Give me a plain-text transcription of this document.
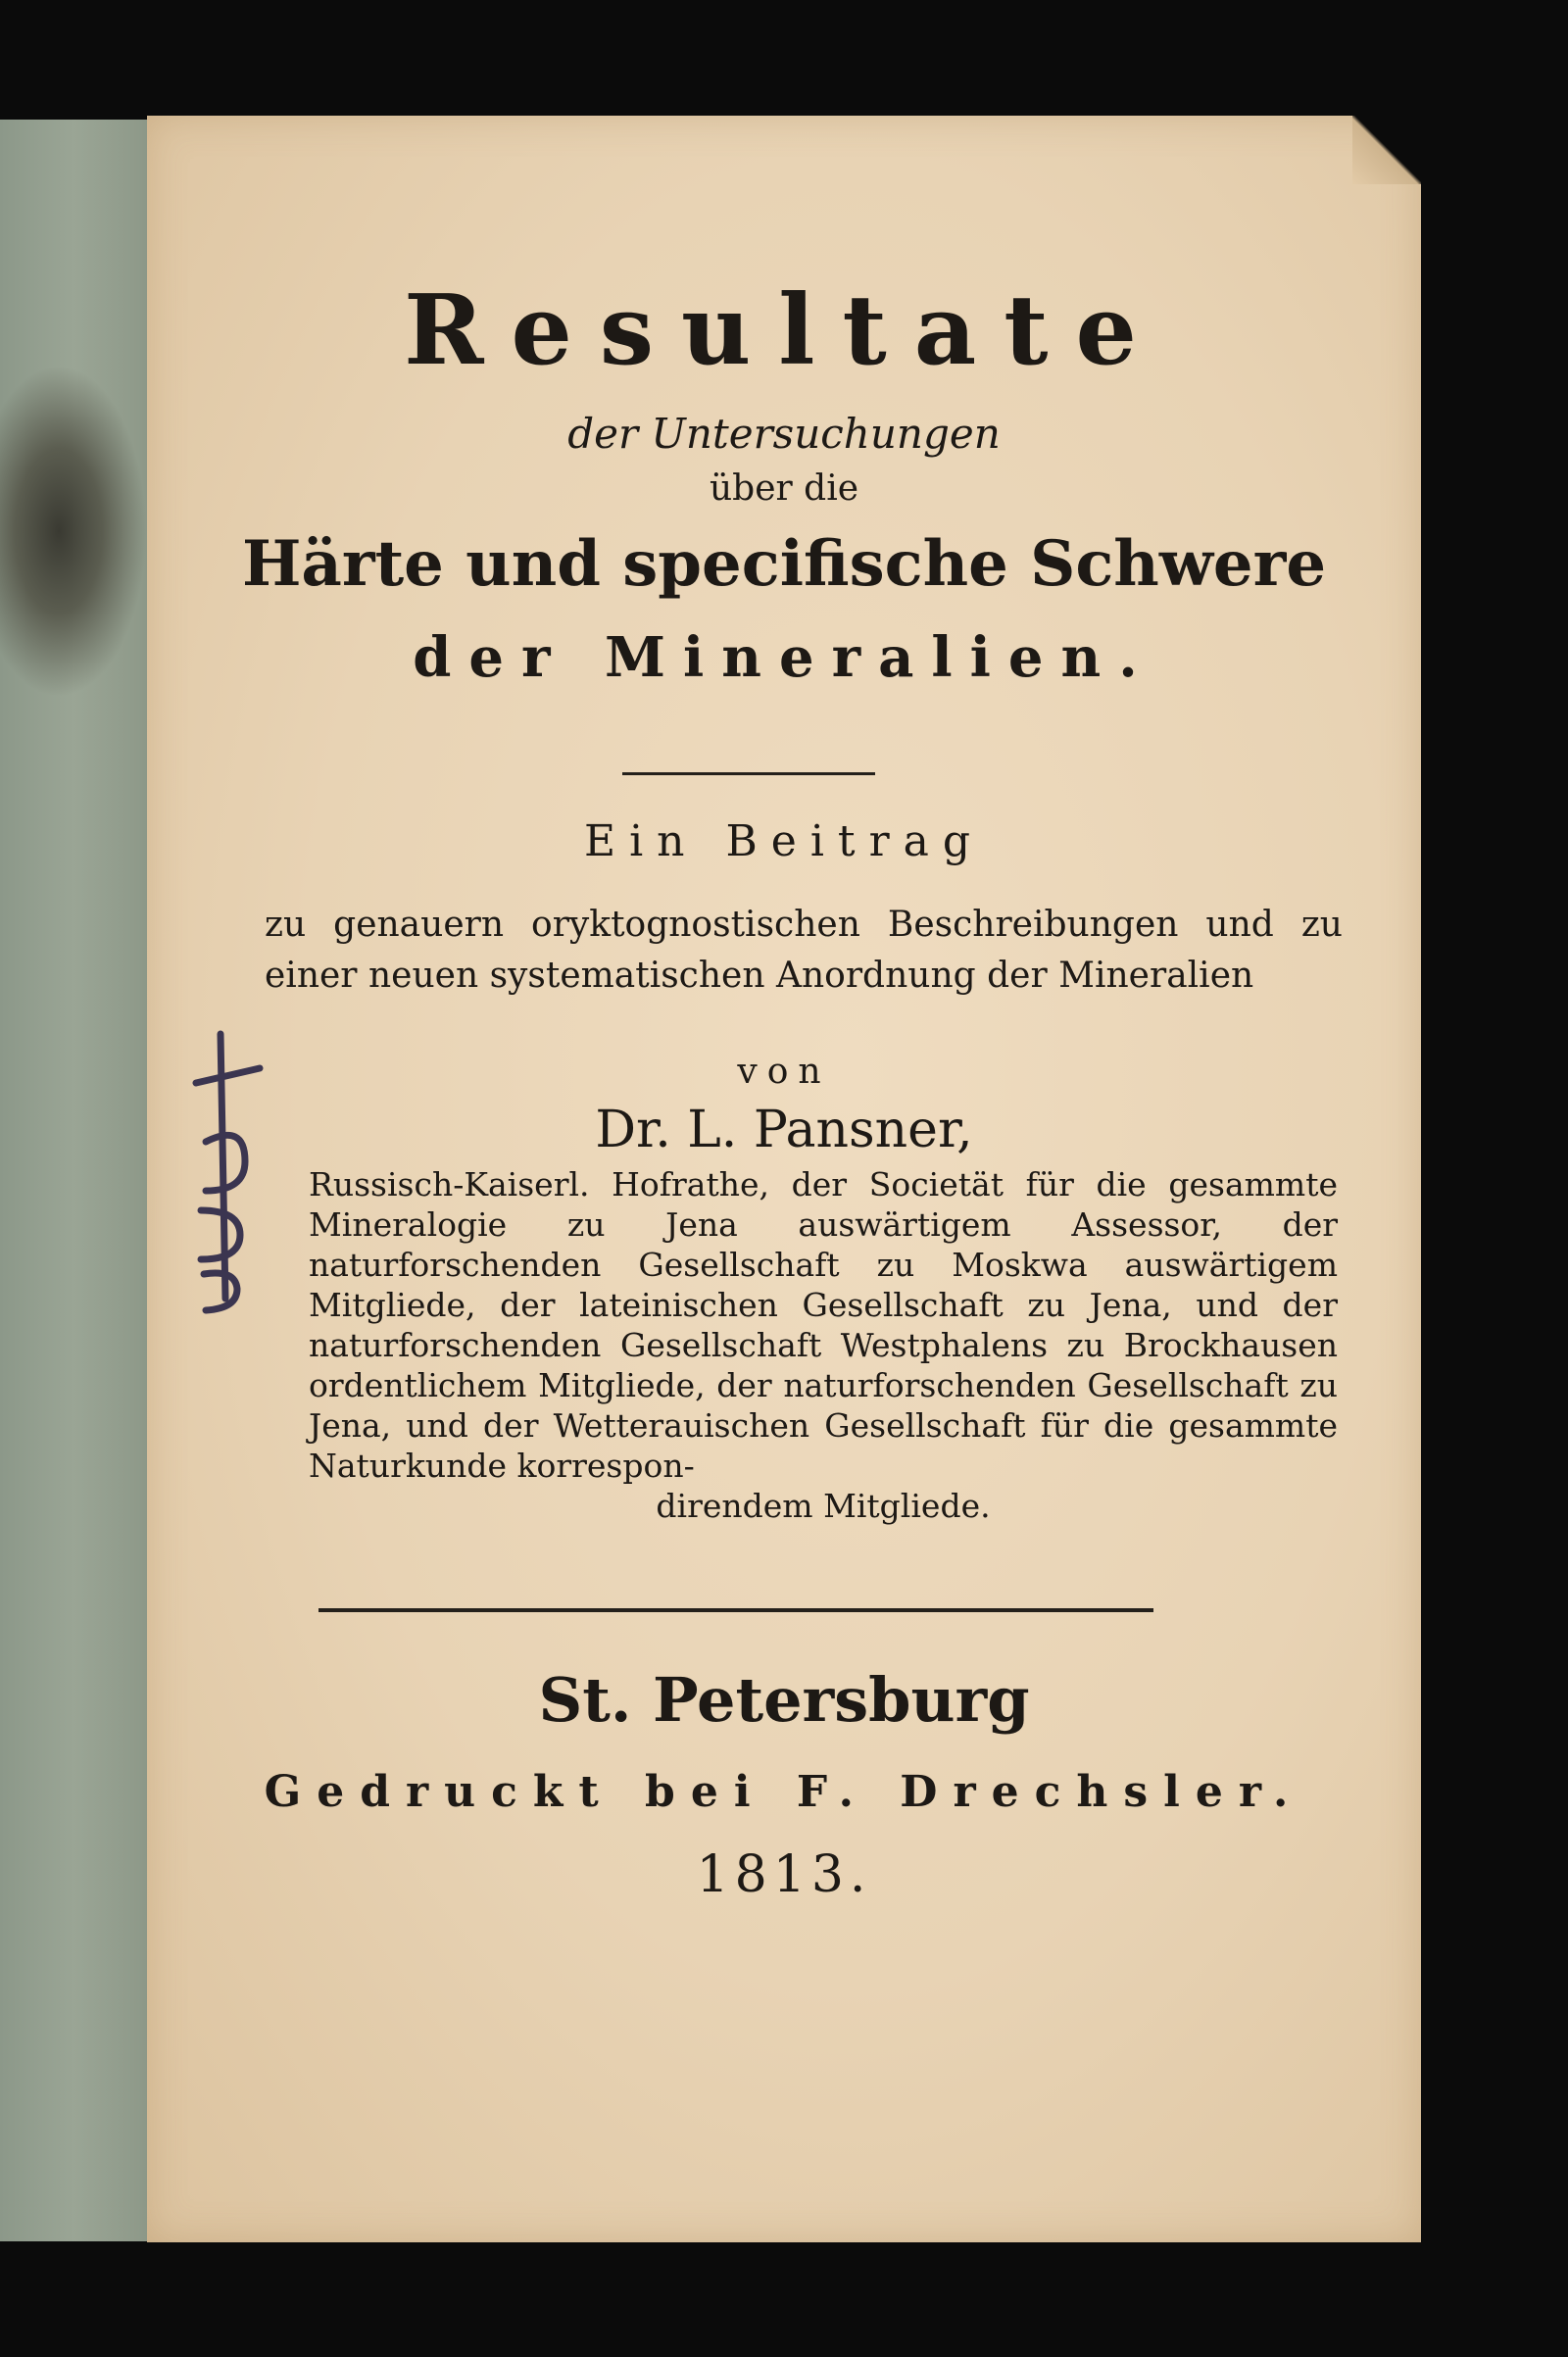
Resultate
der Untersuchungen
über die
Härte und specifische Schwere
der Mineralien.
Ein Beitrag
zu genauern oryktognostischen Beschreibungen und zu einer neuen systematischen Anordnung der Mineralien
von
Dr. L. Pansner,
Russisch-Kaiserl. Hofrathe, der Societät für die gesammte Mineralogie zu Jena auswärtigem Assessor, der naturforschenden Gesellschaft zu Moskwa auswärtigem Mitgliede, der lateinischen Gesellschaft zu Jena, und der naturforschenden Gesellschaft Westphalens zu Brockhausen ordentlichem Mitgliede, der naturforschenden Gesellschaft zu Jena, und der Wetterauischen Gesellschaft für die gesammte Naturkunde korrespon-
direndem Mitgliede.
St. Petersburg
Gedruckt bei F. Drechsler.
1813.
